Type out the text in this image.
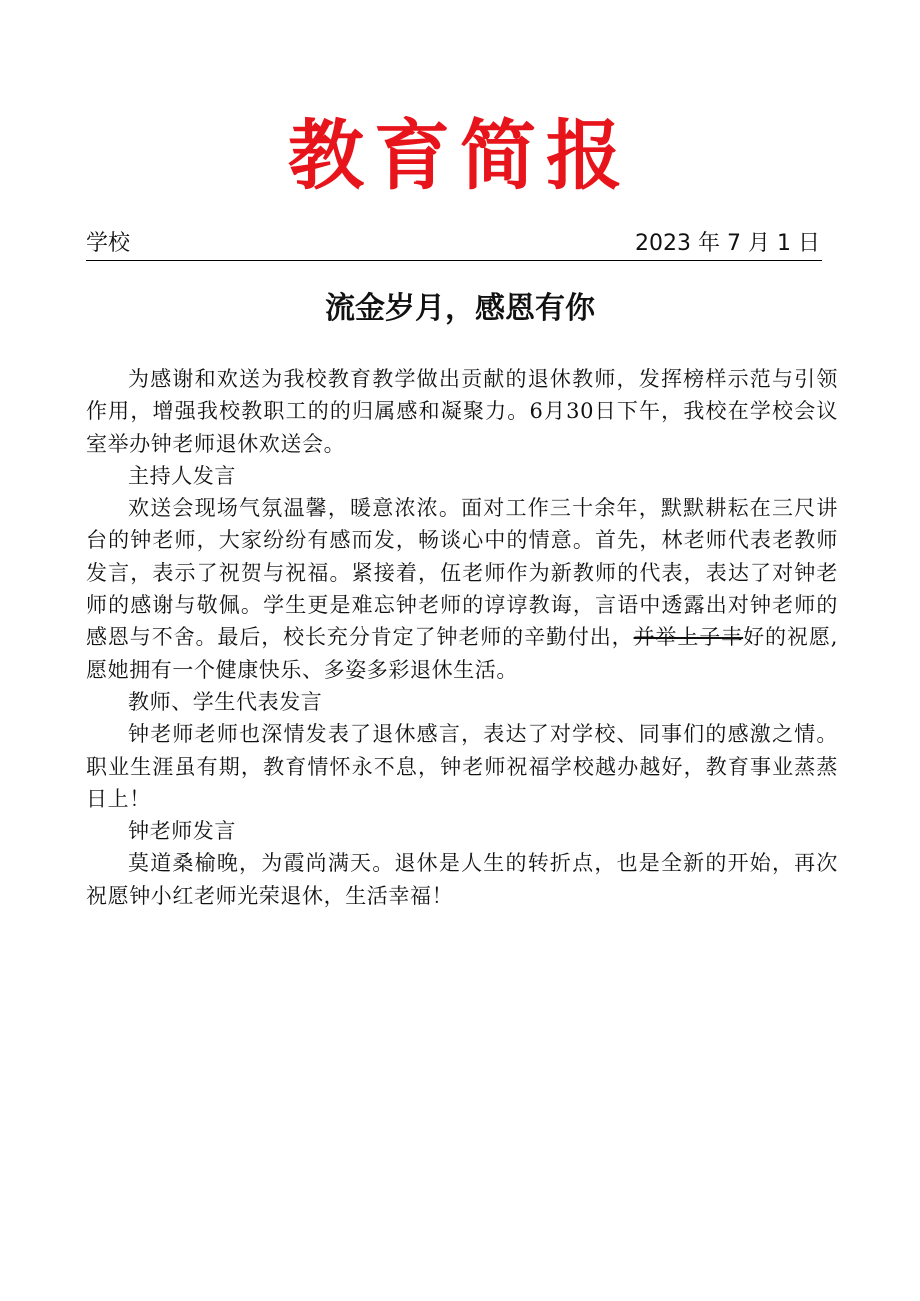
教育简报
学校	2023 年 7 月 1 日
流金岁月，感恩有你

为感谢和欢送为我校教育教学做出贡献的退休教师，发挥榜样示范与引领作用，增强我校教职工的的归属感和凝聚力。6月30日下午，我校在学校会议室举办钟老师退休欢送会。

主持人发言

欢送会现场气氛温馨，暖意浓浓。面对工作三十余年，默默耕耘在三尺讲台的钟老师，大家纷纷有感而发，畅谈心中的情意。首先，林老师代表老教师发言，表示了祝贺与祝福。紧接着，伍老师作为新教师的代表，表达了对钟老师的感谢与敬佩。学生更是难忘钟老师的谆谆教诲，言语中透露出对钟老师的感恩与不舍。最后，校长充分肯定了钟老师的辛勤付出，并举上子丰好的祝愿,愿她拥有一个健康快乐、多姿多彩退休生活。

教师、学生代表发言

钟老师老师也深情发表了退休感言，表达了对学校、同事们的感激之情。职业生涯虽有期，教育情怀永不息，钟老师祝福学校越办越好，教育事业蒸蒸日上！

钟老师发言

莫道桑榆晚，为霞尚满天。退休是人生的转折点，也是全新的开始，再次祝愿钟小红老师光荣退休，生活幸福！
